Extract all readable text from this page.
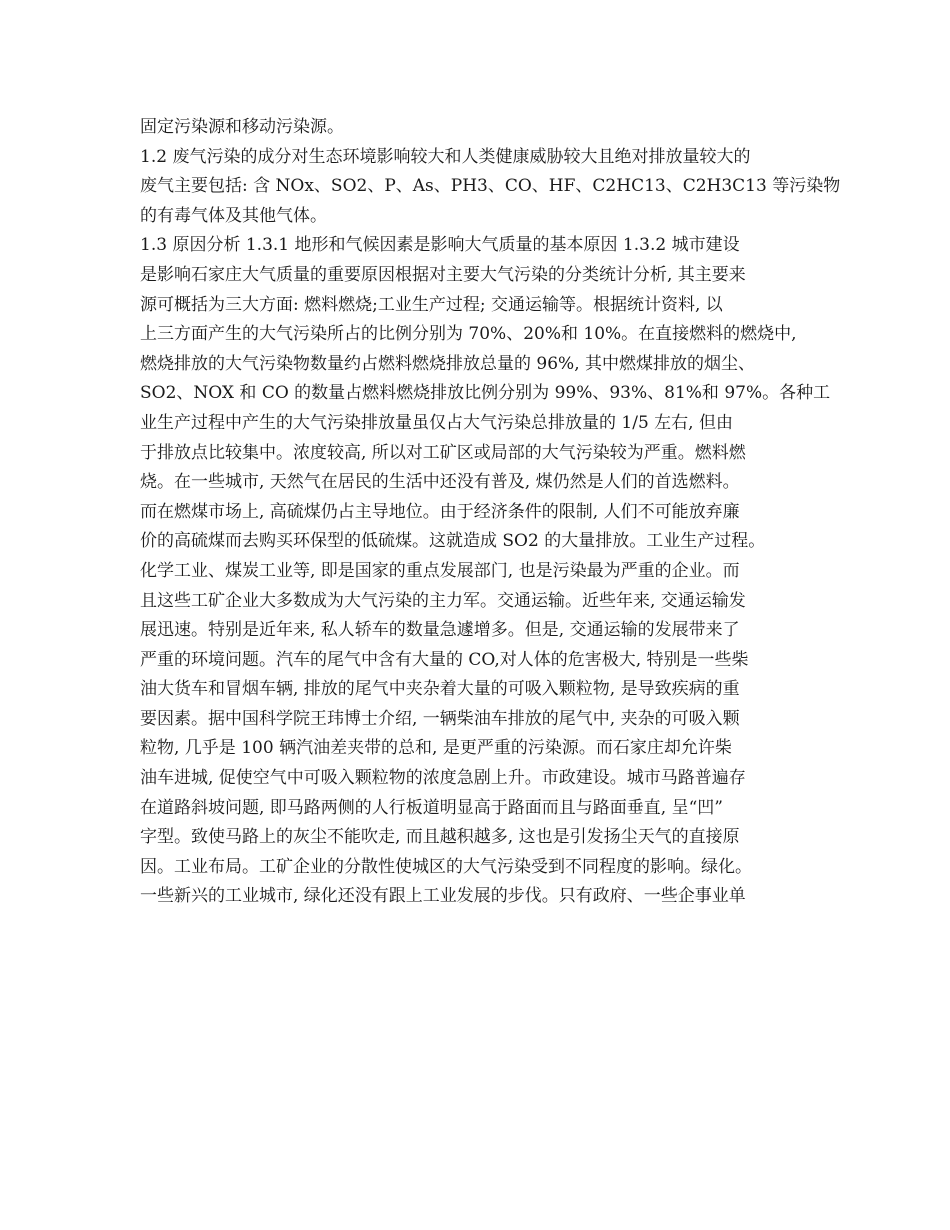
固定污染源和移动污染源。
1.2 废气污染的成分对生态环境影响较大和人类健康威胁较大且绝对排放量较大的
废气主要包括: 含 NOx、SO2、P、As、PH3、CO、HF、C2HC13、C2H3C13 等污染物
的有毒气体及其他气体。
1.3 原因分析 1.3.1 地形和气候因素是影响大气质量的基本原因 1.3.2 城市建设
是影响石家庄大气质量的重要原因根据对主要大气污染的分类统计分析, 其主要来
源可概括为三大方面: 燃料燃烧;工业生产过程; 交通运输等。根据统计资料, 以
上三方面产生的大气污染所占的比例分别为 70%、20%和 10%。在直接燃料的燃烧中,
燃烧排放的大气污染物数量约占燃料燃烧排放总量的 96%, 其中燃煤排放的烟尘、
SO2、NOX 和 CO 的数量占燃料燃烧排放比例分别为 99%、93%、81%和 97%。各种工
业生产过程中产生的大气污染排放量虽仅占大气污染总排放量的 1/5 左右, 但由
于排放点比较集中。浓度较高, 所以对工矿区或局部的大气污染较为严重。燃料燃
烧。在一些城市, 天然气在居民的生活中还没有普及, 煤仍然是人们的首选燃料。
而在燃煤市场上, 高硫煤仍占主导地位。由于经济条件的限制, 人们不可能放弃廉
价的高硫煤而去购买环保型的低硫煤。这就造成 SO2 的大量排放。工业生产过程。
化学工业、煤炭工业等, 即是国家的重点发展部门, 也是污染最为严重的企业。而
且这些工矿企业大多数成为大气污染的主力军。交通运输。近些年来, 交通运输发
展迅速。特别是近年来, 私人轿车的数量急遽增多。但是, 交通运输的发展带来了
严重的环境问题。汽车的尾气中含有大量的 CO,对人体的危害极大, 特别是一些柴
油大货车和冒烟车辆, 排放的尾气中夹杂着大量的可吸入颗粒物, 是导致疾病的重
要因素。据中国科学院王玮博士介绍, 一辆柴油车排放的尾气中, 夹杂的可吸入颗
粒物, 几乎是 100 辆汽油差夹带的总和, 是更严重的污染源。而石家庄却允许柴
油车进城, 促使空气中可吸入颗粒物的浓度急剧上升。市政建设。城市马路普遍存
在道路斜坡问题, 即马路两侧的人行板道明显高于路面而且与路面垂直, 呈“凹”
字型。致使马路上的灰尘不能吹走, 而且越积越多, 这也是引发扬尘天气的直接原
因。工业布局。工矿企业的分散性使城区的大气污染受到不同程度的影响。绿化。
一些新兴的工业城市, 绿化还没有跟上工业发展的步伐。只有政府、一些企事业单
